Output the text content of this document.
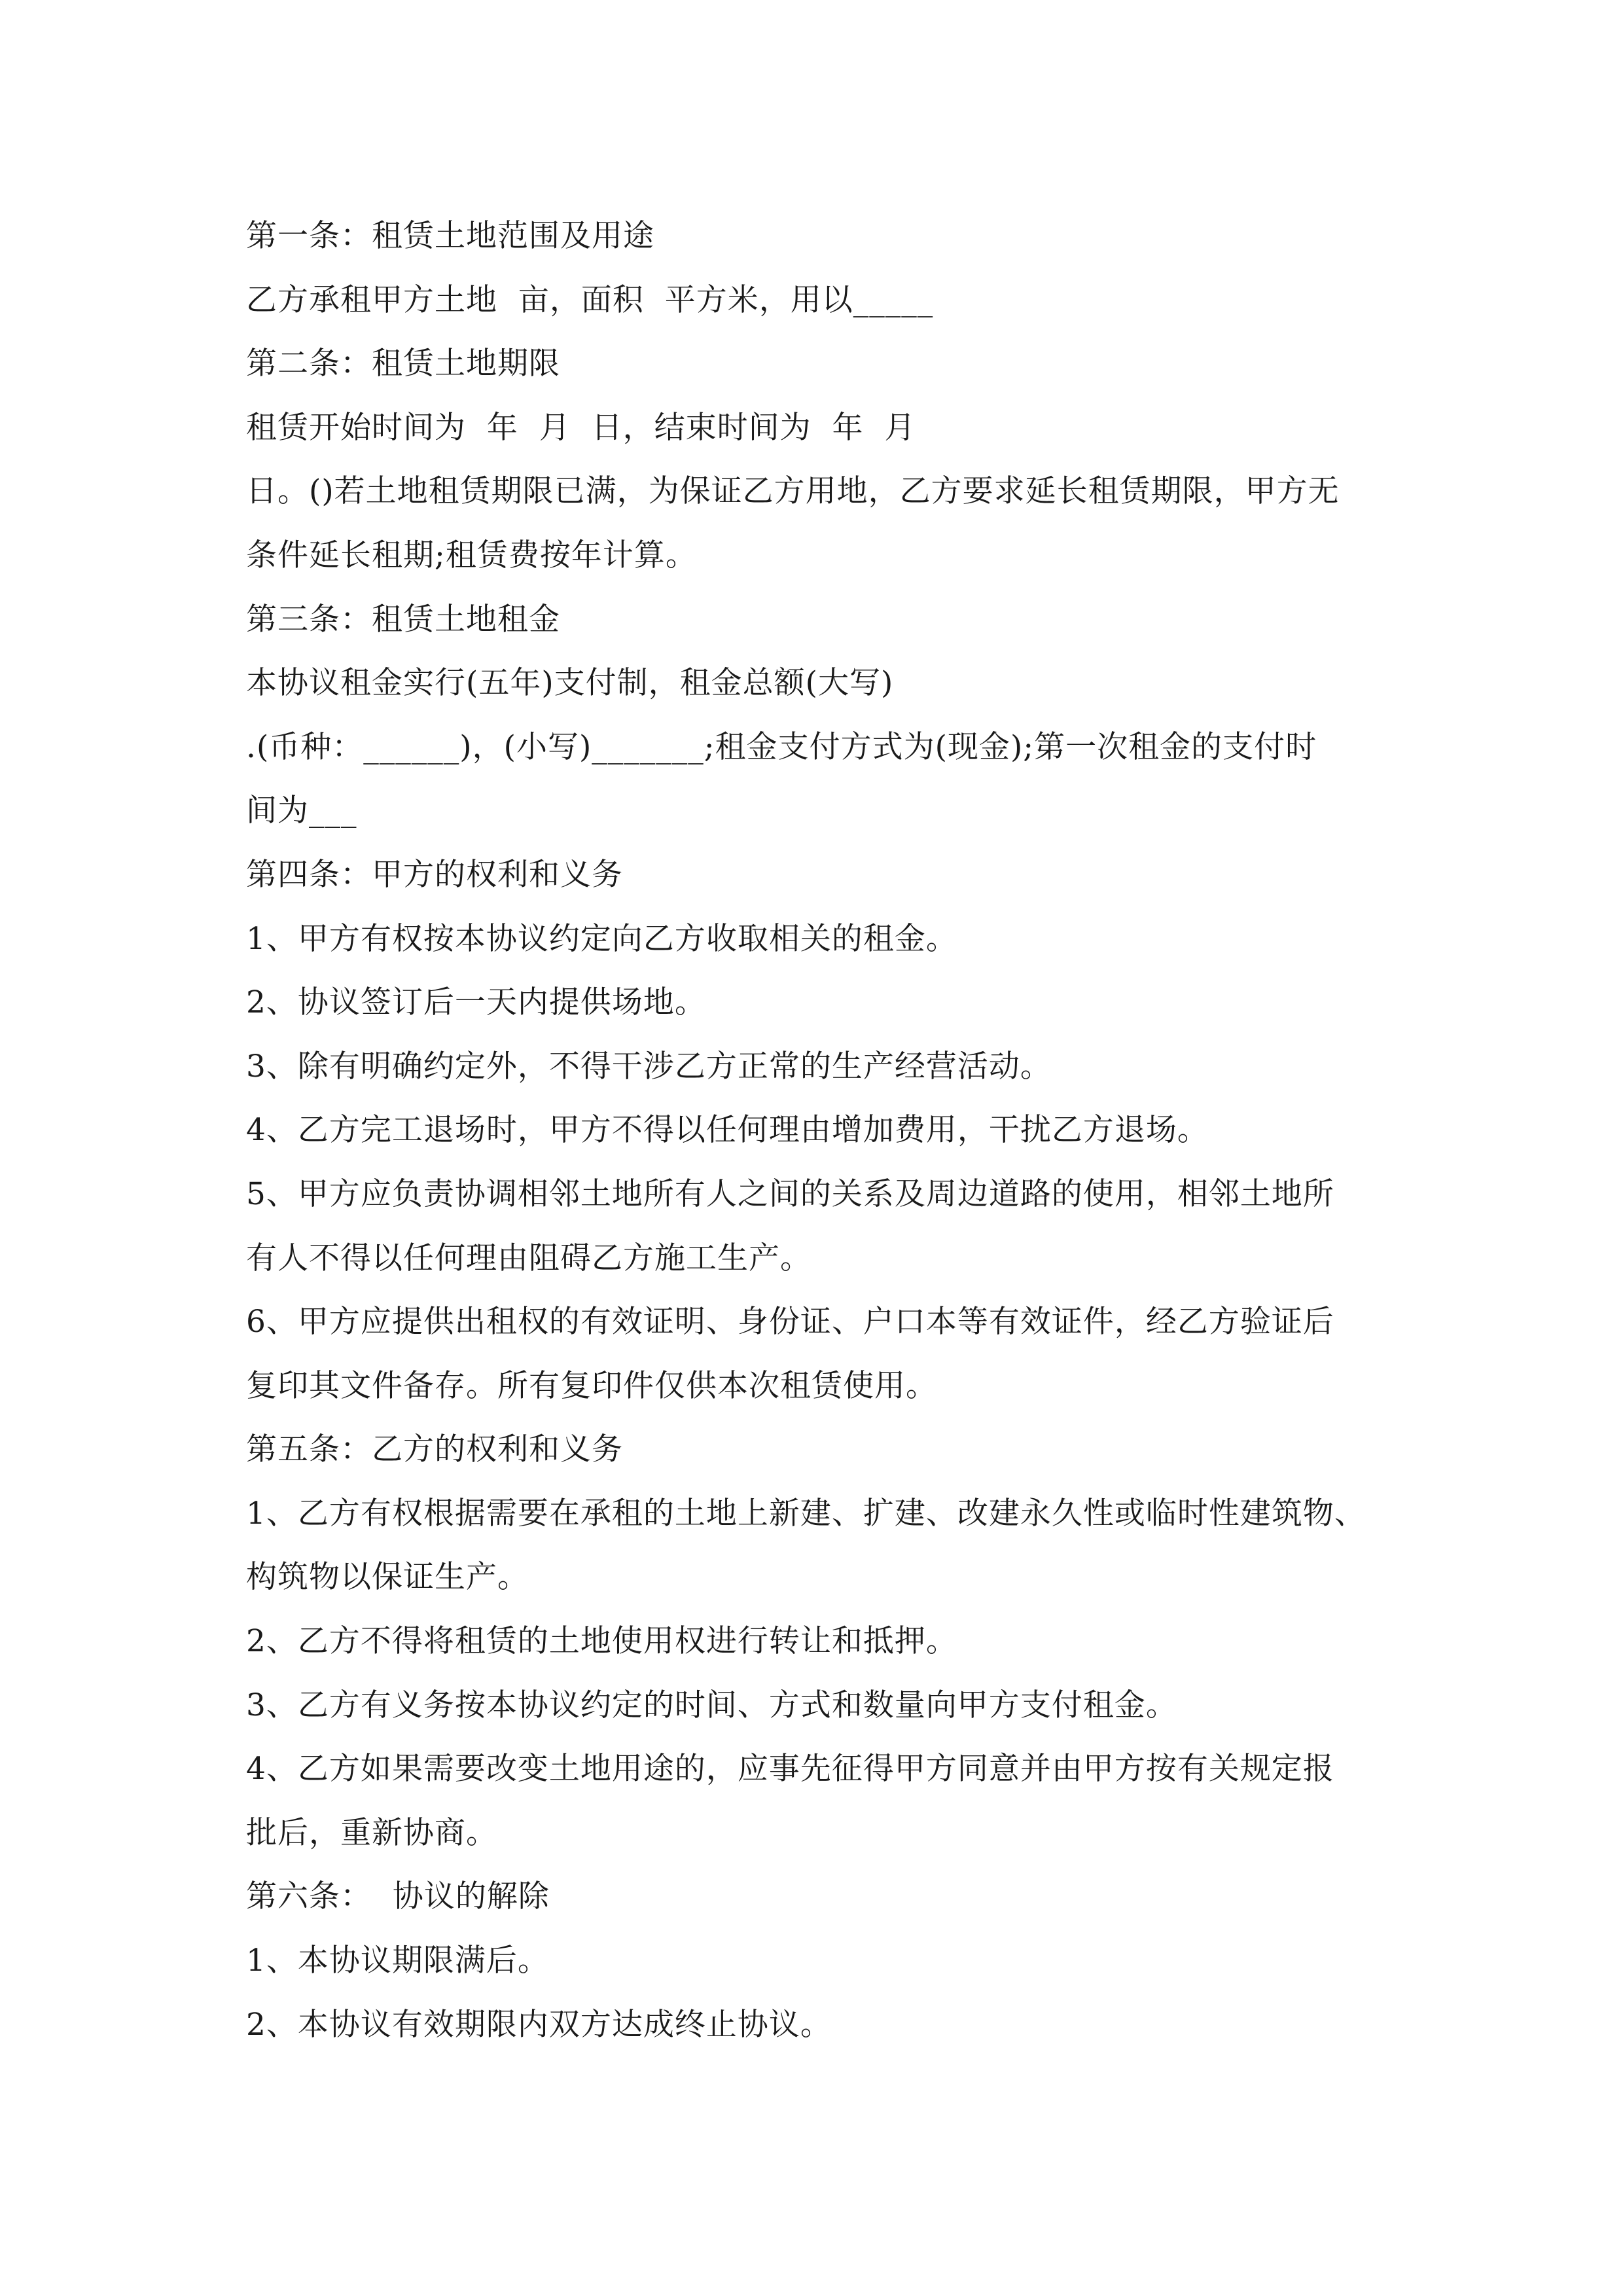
第一条：租赁土地范围及用途
乙方承租甲方土地  亩，面积  平方米，用以_____
第二条：租赁土地期限
租赁开始时间为  年  月  日，结束时间为  年  月
日。()若土地租赁期限已满，为保证乙方用地，乙方要求延长租赁期限，甲方无
条件延长租期;租赁费按年计算。
第三条：租赁土地租金
本协议租金实行(五年)支付制，租金总额(大写)
.(币种：______)，(小写)_______;租金支付方式为(现金);第一次租金的支付时
间为___
第四条：甲方的权利和义务
1、甲方有权按本协议约定向乙方收取相关的租金。
2、协议签订后一天内提供场地。
3、除有明确约定外，不得干涉乙方正常的生产经营活动。
4、乙方完工退场时，甲方不得以任何理由增加费用，干扰乙方退场。
5、甲方应负责协调相邻土地所有人之间的关系及周边道路的使用，相邻土地所
有人不得以任何理由阻碍乙方施工生产。
6、甲方应提供出租权的有效证明、身份证、户口本等有效证件，经乙方验证后
复印其文件备存。所有复印件仅供本次租赁使用。
第五条：乙方的权利和义务
1、乙方有权根据需要在承租的土地上新建、扩建、改建永久性或临时性建筑物、
构筑物以保证生产。
2、乙方不得将租赁的土地使用权进行转让和抵押。
3、乙方有义务按本协议约定的时间、方式和数量向甲方支付租金。
4、乙方如果需要改变土地用途的，应事先征得甲方同意并由甲方按有关规定报
批后，重新协商。
第六条：  协议的解除
1、本协议期限满后。
2、本协议有效期限内双方达成终止协议。
